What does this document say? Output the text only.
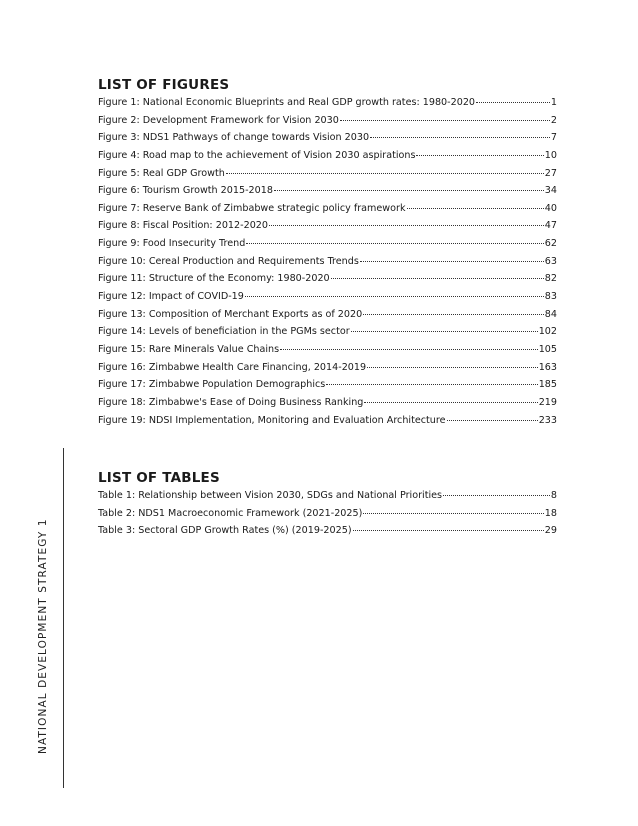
LIST OF FIGURES
Figure 1: National Economic Blueprints and Real GDP growth rates: 1980-2020	1
Figure 2: Development Framework for Vision 2030	2
Figure 3: NDS1 Pathways of change towards Vision 2030	7
Figure 4: Road map to the achievement of Vision 2030 aspirations	10
Figure 5: Real GDP Growth	27
Figure 6: Tourism Growth 2015-2018	34
Figure 7: Reserve Bank of Zimbabwe strategic policy framework	40
Figure 8: Fiscal Position: 2012-2020	47
Figure 9: Food Insecurity Trend	62
Figure 10: Cereal Production and Requirements Trends	63
Figure 11: Structure of the Economy: 1980-2020	82
Figure 12: Impact of COVID-19	83
Figure 13: Composition of Merchant Exports as of 2020	84
Figure 14: Levels of beneficiation in the PGMs sector	102
Figure 15: Rare Minerals Value Chains	105
Figure 16: Zimbabwe Health Care Financing, 2014-2019	163
Figure 17: Zimbabwe Population Demographics	185
Figure 18: Zimbabwe's Ease of Doing Business Ranking	219
Figure 19: NDSI Implementation, Monitoring and Evaluation Architecture	233
LIST OF TABLES
Table 1: Relationship between Vision 2030, SDGs and National Priorities	8
Table 2: NDS1 Macroeconomic Framework (2021-2025)	18
Table 3: Sectoral GDP Growth Rates (%) (2019-2025)	29
NATIONAL DEVELOPMENT STRATEGY 1
